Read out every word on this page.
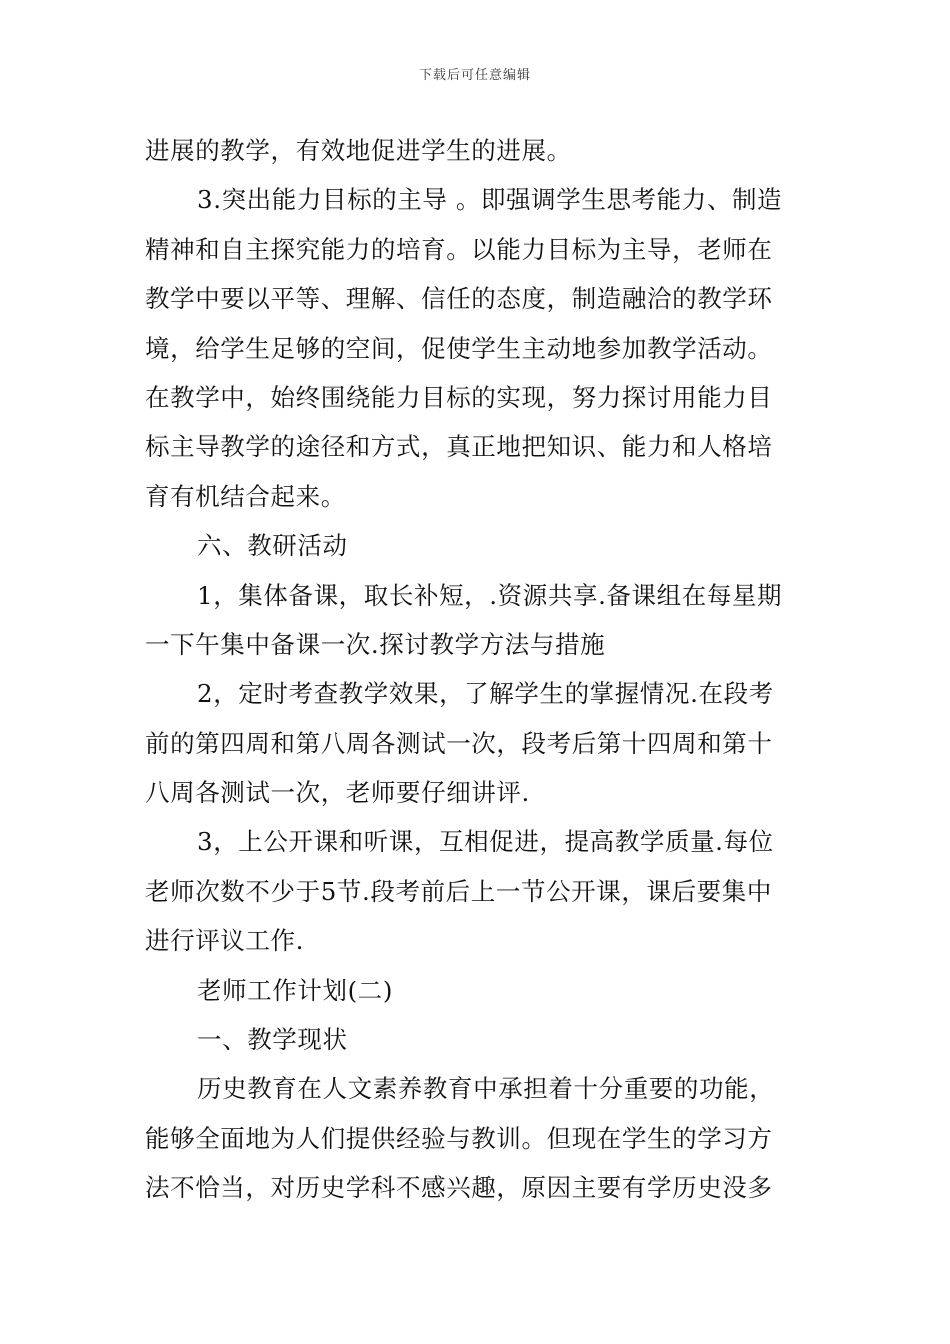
下载后可任意编辑
进展的教学，有效地促进学生的进展。
3.突出能力目标的主导 。即强调学生思考能力、制造
精神和自主探究能力的培育。以能力目标为主导，老师在
教学中要以平等、理解、信任的态度，制造融洽的教学环
境，给学生足够的空间，促使学生主动地参加教学活动。
在教学中，始终围绕能力目标的实现，努力探讨用能力目
标主导教学的途径和方式，真正地把知识、能力和人格培
育有机结合起来。
六、教研活动
1，集体备课，取长补短，.资源共享.备课组在每星期
一下午集中备课一次.探讨教学方法与措施
2，定时考查教学效果，了解学生的掌握情况.在段考
前的第四周和第八周各测试一次，段考后第十四周和第十
八周各测试一次，老师要仔细讲评.
3，上公开课和听课，互相促进，提高教学质量.每位
老师次数不少于5节.段考前后上一节公开课，课后要集中
进行评议工作.
老师工作计划(二)
一、教学现状
历史教育在人文素养教育中承担着十分重要的功能，
能够全面地为人们提供经验与教训。但现在学生的学习方
法不恰当，对历史学科不感兴趣，原因主要有学历史没多
